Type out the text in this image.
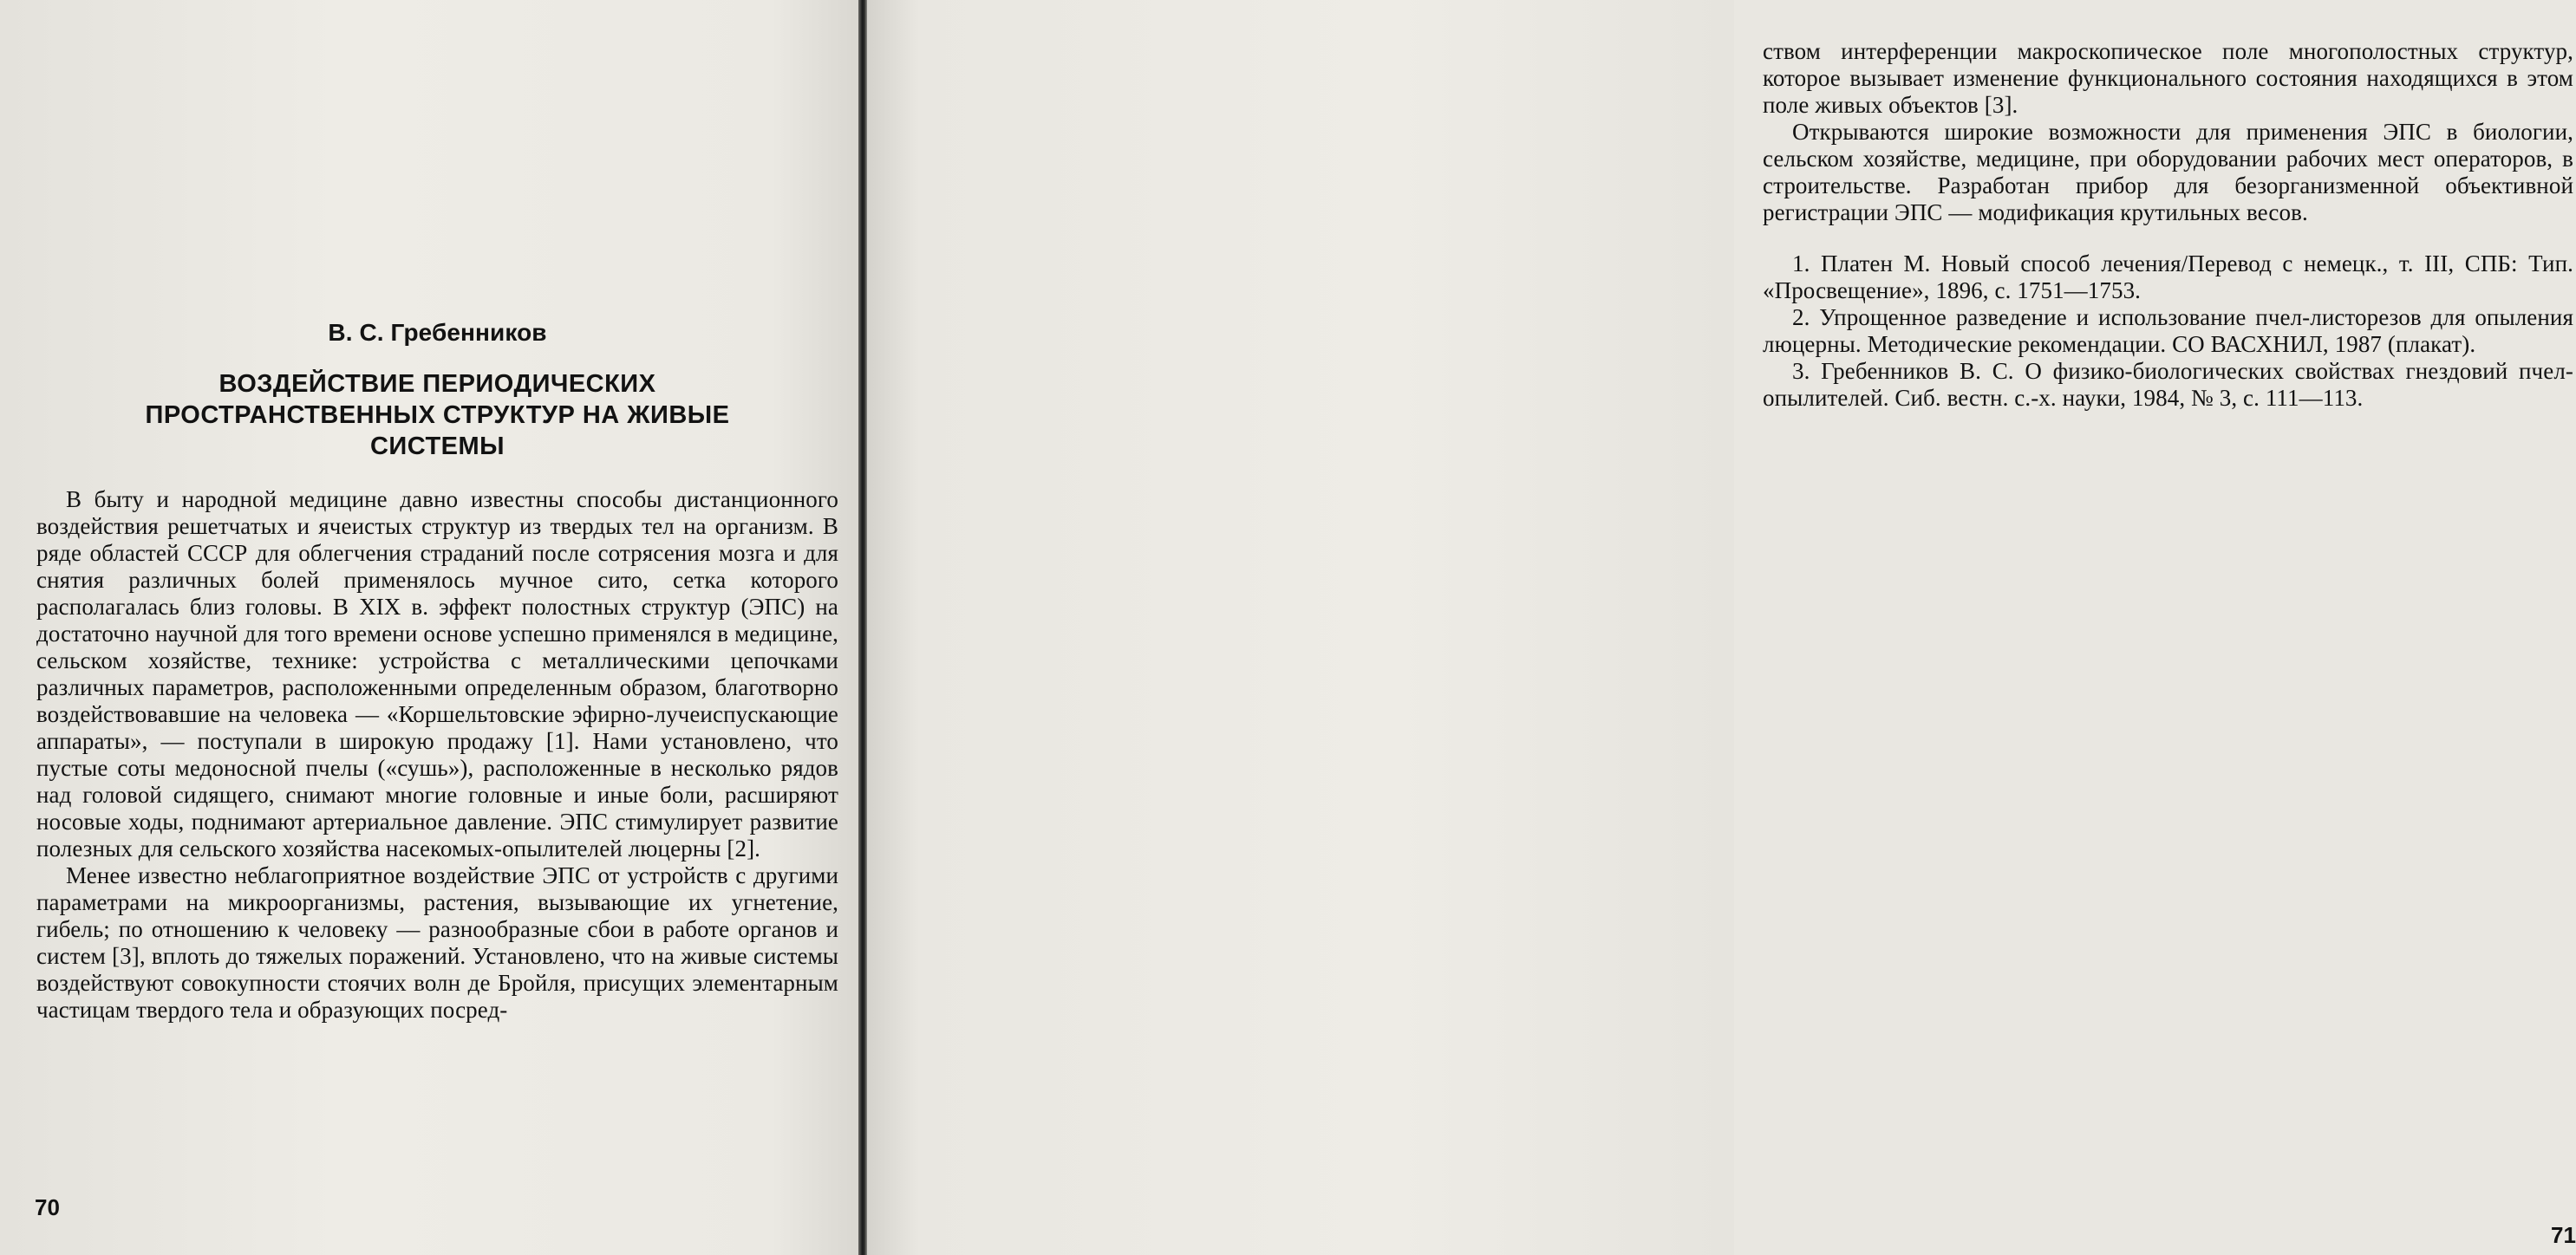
В. С. Гребенников
ВОЗДЕЙСТВИЕ ПЕРИОДИЧЕСКИХ
ПРОСТРАНСТВЕННЫХ СТРУКТУР НА ЖИВЫЕ
СИСТЕМЫ

В быту и народной медицине давно известны способы дистанционного воздействия решетчатых и ячеистых структур из твердых тел на организм. В ряде областей СССР для облегчения страданий после сотрясения мозга и для снятия различных болей применялось мучное сито, сетка которого располагалась близ головы. В XIX в. эффект полостных структур (ЭПС) на достаточно научной для того времени основе успешно применялся в медицине, сельском хозяйстве, технике: устройства с металлическими цепочками различных параметров, расположенными определенным образом, благотворно воздействовавшие на человека — «Коршельтовские эфирно-лучеиспускающие аппараты», — поступали в широкую продажу [1]. Нами установлено, что пустые соты медоносной пчелы («сушь»), расположенные в несколько рядов над головой сидящего, снимают многие головные и иные боли, расширяют носовые ходы, поднимают артериальное давление. ЭПС стимулирует развитие полезных для сельского хозяйства насекомых-опылителей люцерны [2].

Менее известно неблагоприятное воздействие ЭПС от устройств с другими параметрами на микроорганизмы, растения, вызывающие их угнетение, гибель; по отношению к человеку — разнообразные сбои в работе органов и систем [3], вплоть до тяжелых поражений. Установлено, что на живые системы воздействуют совокупности стоячих волн де Бройля, присущих элементарным частицам твердого тела и образующих посред-

70

ством интерференции макроскопическое поле многополостных структур, которое вызывает изменение функционального состояния находящихся в этом поле живых объектов [3].

Открываются широкие возможности для применения ЭПС в биологии, сельском хозяйстве, медицине, при оборудовании рабочих мест операторов, в строительстве. Разработан прибор для безорганизменной объективной регистрации ЭПС — модификация крутильных весов.

1. Платен М. Новый способ лечения/Перевод с немецк., т. III, СПБ: Тип. «Просвещение», 1896, с. 1751—1753.

2. Упрощенное разведение и использование пчел-листорезов для опыления люцерны. Методические рекомендации. СО ВАСХНИЛ, 1987 (плакат).

3. Гребенников В. С. О физико-биологических свойствах гнездовий пчел-опылителей. Сиб. вестн. с.-х. науки, 1984, № 3, с. 111—113.

71
